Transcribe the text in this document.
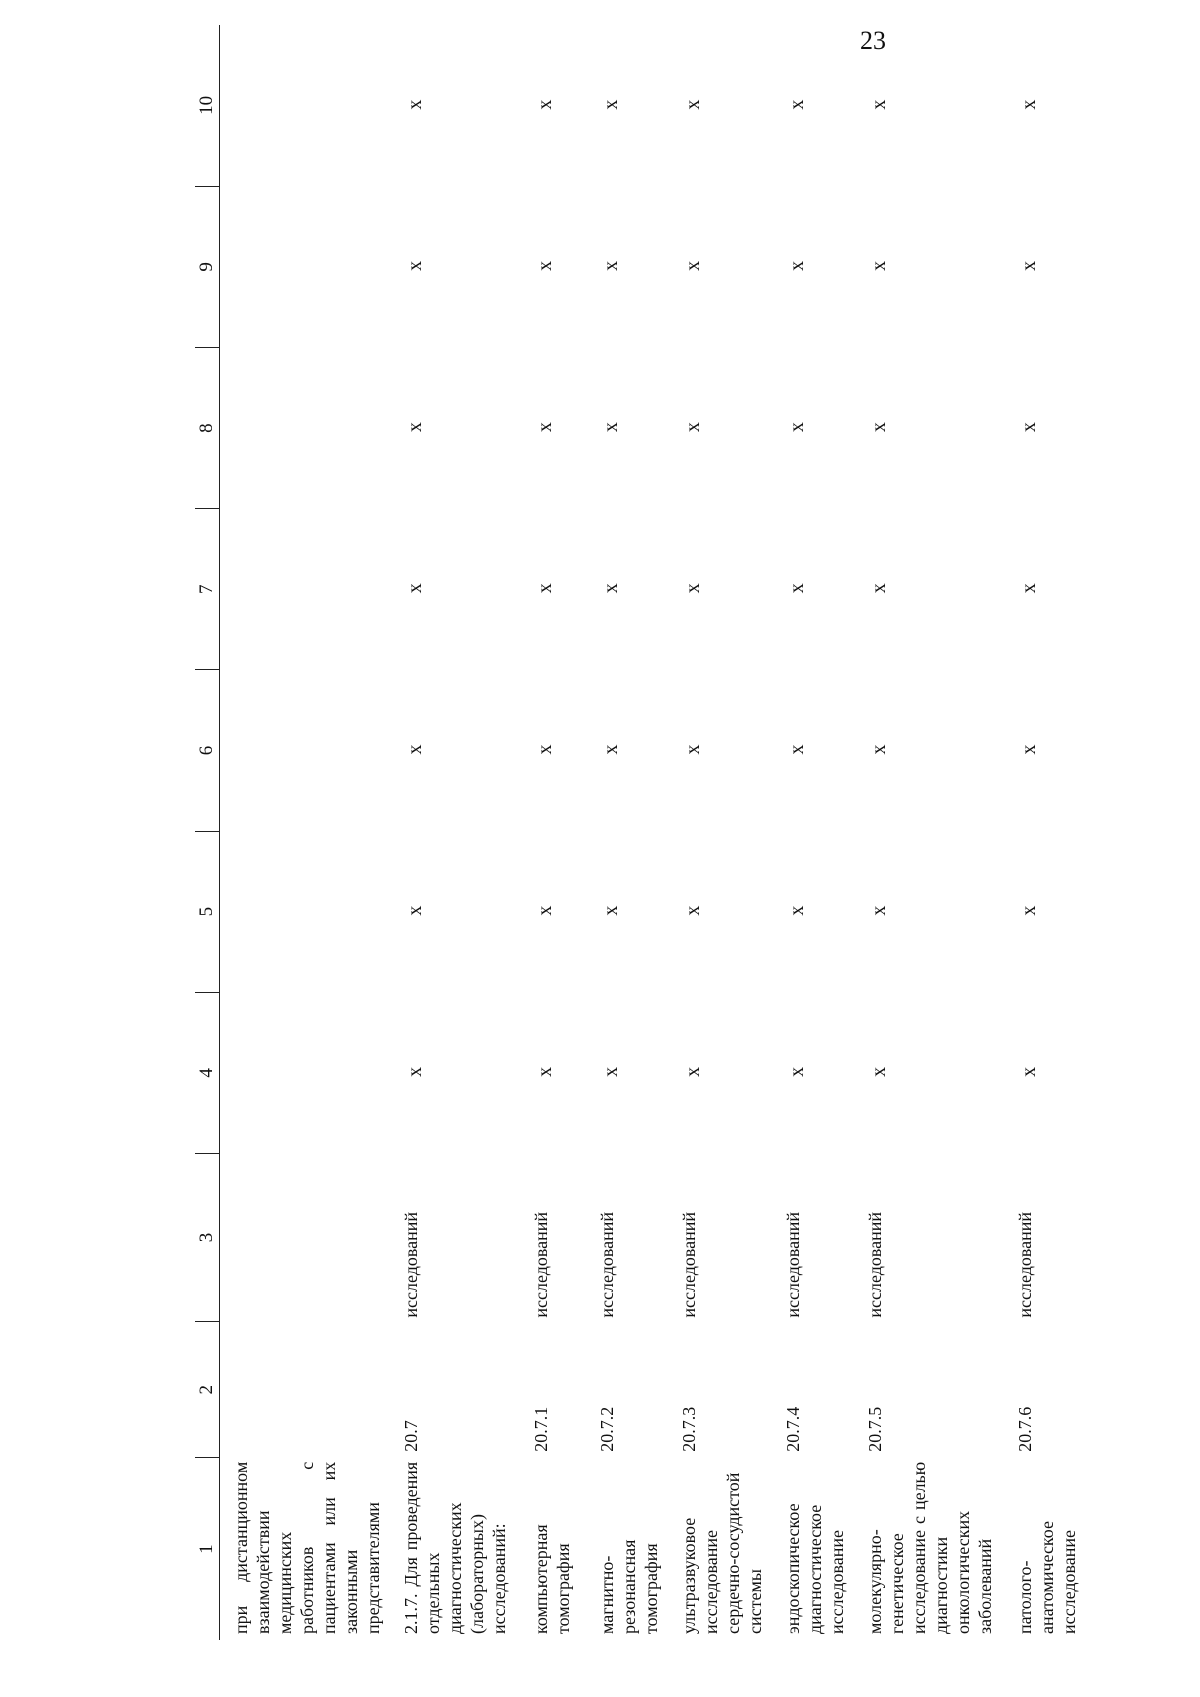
23
1	2	3	4	5	6	7	8	9	10
при дистанционном взаимодействии медицинских работников с пациентами или их законными представителями									
2.1.7. Для проведения отдельных диагностических (лабораторных) исследований:	20.7	исследований	x	x	x	x	x	x	x
компьютерная томография	20.7.1	исследований	x	x	x	x	x	x	x
магнитно-резонансная томография	20.7.2	исследований	x	x	x	x	x	x	x
ультразвуковое исследование сердечно-сосудистой системы	20.7.3	исследований	x	x	x	x	x	x	x
эндоскопическое диагностическое исследование	20.7.4	исследований	x	x	x	x	x	x	x
молекулярно-генетическое исследование с целью диагностики онкологических заболеваний	20.7.5	исследований	x	x	x	x	x	x	x
патолого-анатомическое исследование	20.7.6	исследований	x	x	x	x	x	x	x
